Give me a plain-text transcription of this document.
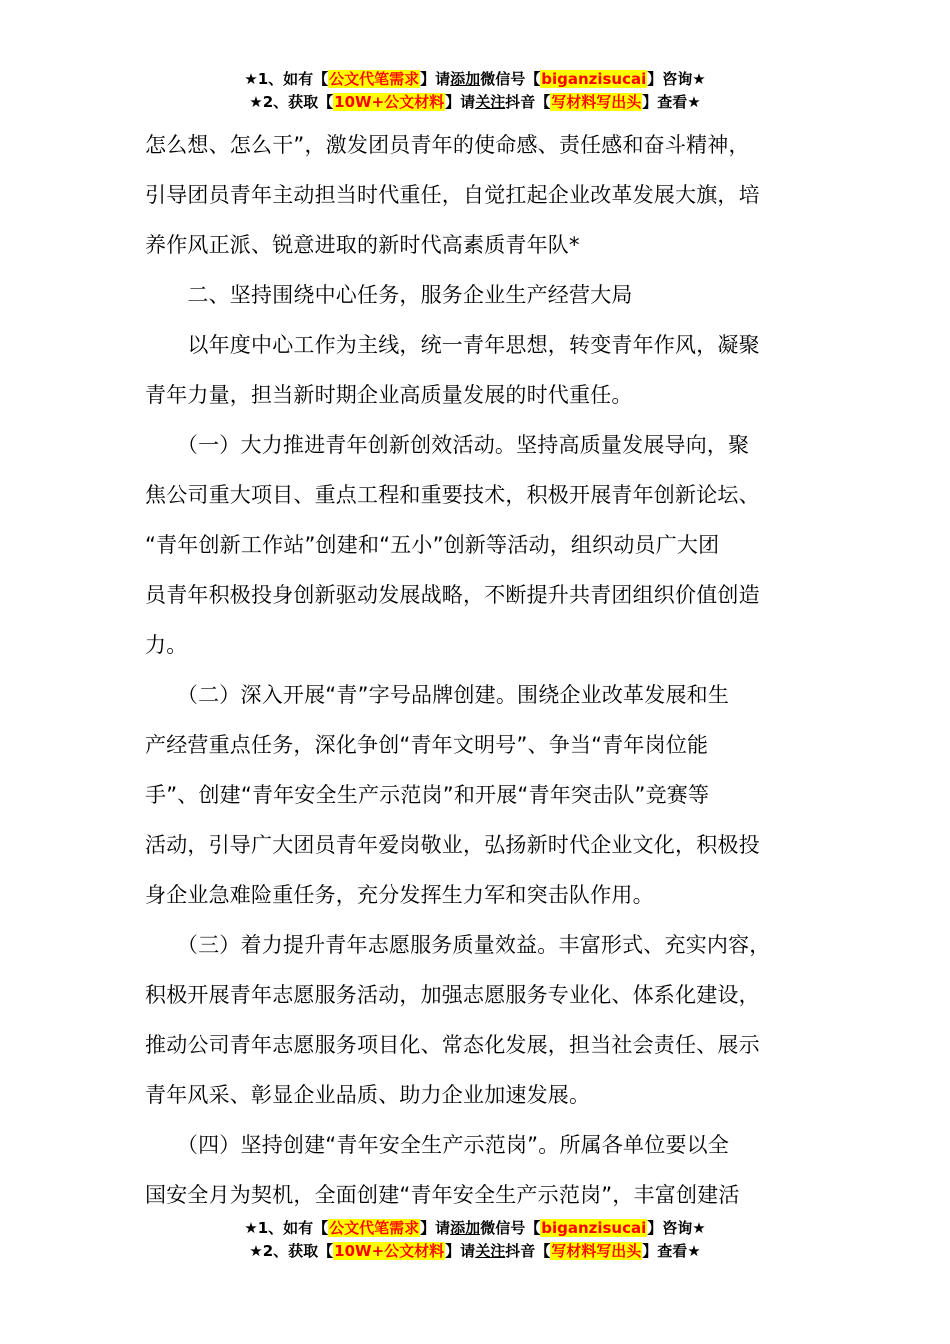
★1、如有【公文代笔需求】请添加微信号【biganzisucai】咨询★
★2、获取【10W+公文材料】请关注抖音【写材料写出头】查看★
怎么想、怎么干”，激发团员青年的使命感、责任感和奋斗精神，
引导团员青年主动担当时代重任，自觉扛起企业改革发展大旗，培
养作风正派、锐意进取的新时代高素质青年队*
　　二、坚持围绕中心任务，服务企业生产经营大局
　　以年度中心工作为主线，统一青年思想，转变青年作风，凝聚
青年力量，担当新时期企业高质量发展的时代重任。
　　（一）大力推进青年创新创效活动。坚持高质量发展导向，聚
焦公司重大项目、重点工程和重要技术，积极开展青年创新论坛、
“青年创新工作站”创建和“五小”创新等活动，组织动员广大团
员青年积极投身创新驱动发展战略，不断提升共青团组织价值创造
力。
　　（二）深入开展“青”字号品牌创建。围绕企业改革发展和生
产经营重点任务，深化争创“青年文明号”、争当“青年岗位能
手”、创建“青年安全生产示范岗”和开展“青年突击队”竞赛等
活动，引导广大团员青年爱岗敬业，弘扬新时代企业文化，积极投
身企业急难险重任务，充分发挥生力军和突击队作用。
　　（三）着力提升青年志愿服务质量效益。丰富形式、充实内容，
积极开展青年志愿服务活动，加强志愿服务专业化、体系化建设，
推动公司青年志愿服务项目化、常态化发展，担当社会责任、展示
青年风采、彰显企业品质、助力企业加速发展。
　　（四）坚持创建“青年安全生产示范岗”。所属各单位要以全
国安全月为契机，全面创建“青年安全生产示范岗”，丰富创建活
★1、如有【公文代笔需求】请添加微信号【biganzisucai】咨询★
★2、获取【10W+公文材料】请关注抖音【写材料写出头】查看★
